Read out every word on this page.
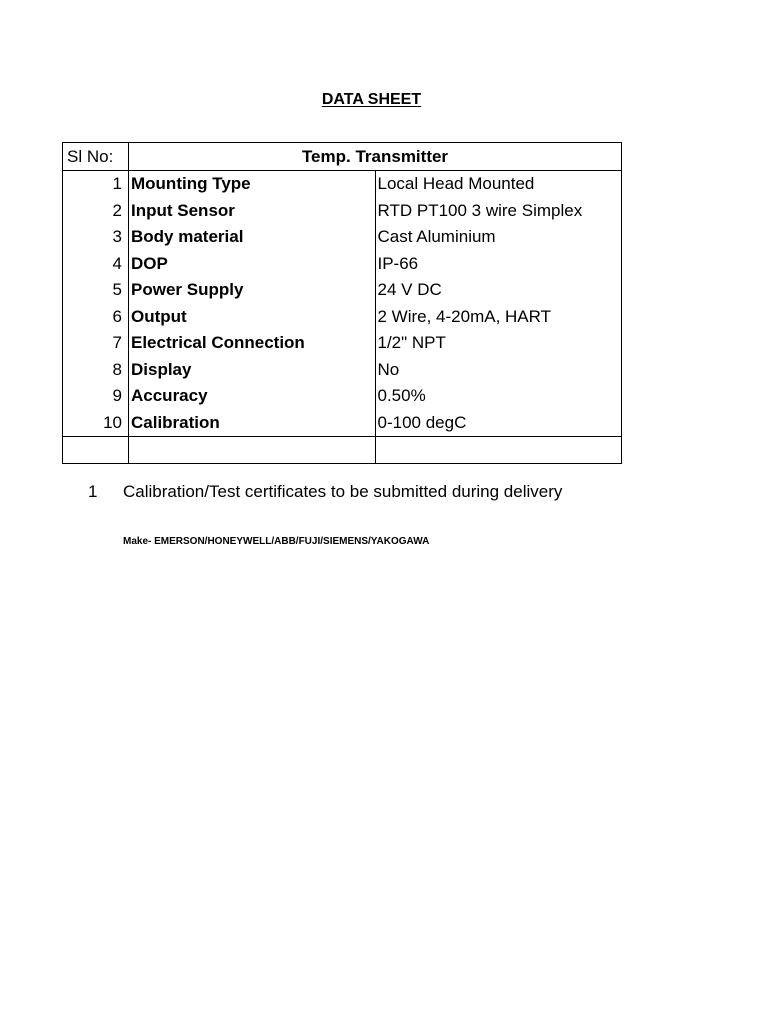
DATA SHEET
Sl No:	Temp. Transmitter	
1	Mounting Type	Local Head Mounted
2	Input Sensor	RTD PT100 3 wire Simplex
3	Body material	Cast Aluminium
4	DOP	IP-66
5	Power Supply	24 V DC
6	Output	2 Wire, 4-20mA, HART
7	Electrical Connection	1/2" NPT
8	Display	No
9	Accuracy	0.50%
10	Calibration	0-100 degC

1 Calibration/Test certificates to be submitted during delivery
Make- EMERSON/HONEYWELL/ABB/FUJI/SIEMENS/YAKOGAWA
